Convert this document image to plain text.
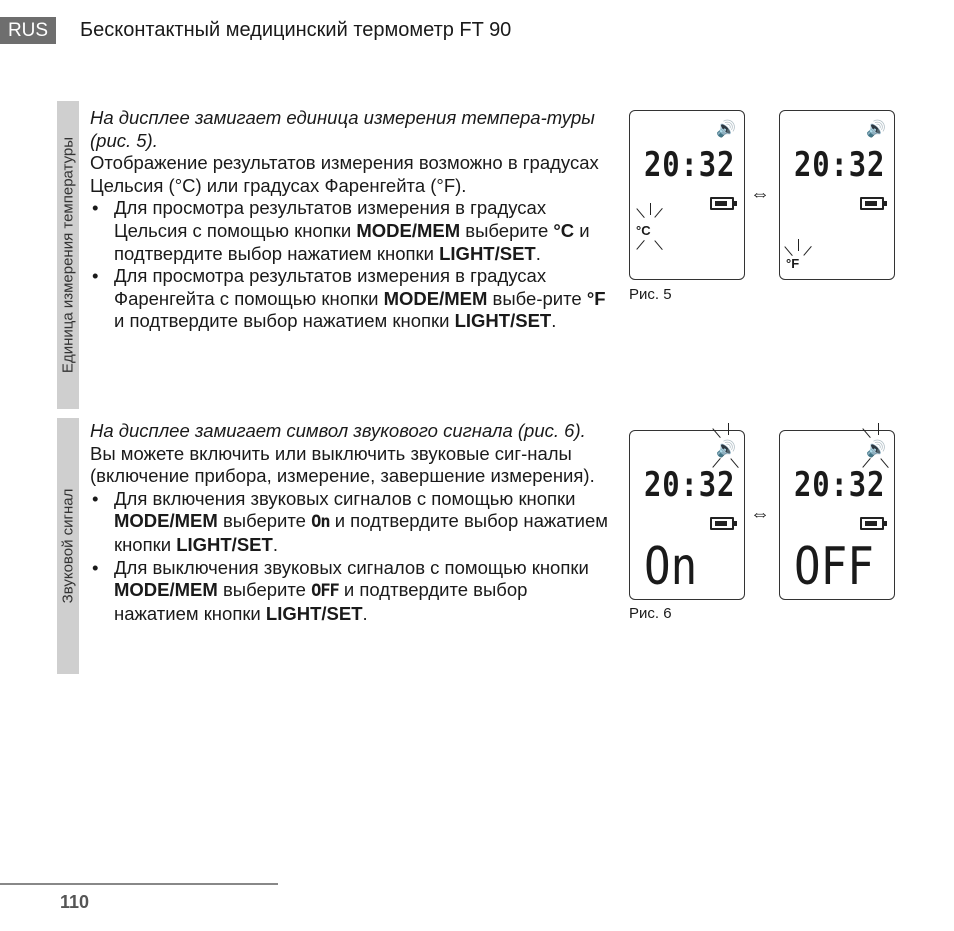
RUS	Бесконтактный медицинский термометр FT 90
Единица измерения температуры
Звуковой сигнал

На дисплее замигает единица измерения темпера-туры (рис. 5).

Отображение результатов измерения возможно в градусах Цельсия (°C) или градусах Фаренгейта (°F).

• Для просмотра результатов измерения в градусах Цельсия с помощью кнопки MODE/MEM выберите °C и подтвердите выбор нажатием кнопки LIGHT/SET.

• Для просмотра результатов измерения в градусах Фаренгейта с помощью кнопки MODE/MEM выбе-рите °F и подтвердите выбор нажатием кнопки LIGHT/SET.

На дисплее замигает символ звукового сигнала (рис. 6).

Вы можете включить или выключить звуковые сиг-налы (включение прибора, измерение, завершение измерения).

• Для включения звуковых сигналов с помощью кнопки MODE/MEM выберите On и подтвердите выбор нажатием кнопки LIGHT/SET.

• Для выключения звуковых сигналов с помощью кнопки MODE/MEM выберите OFF и подтвердите выбор нажатием кнопки LIGHT/SET.

🔊
20:32
°C
⇔
🔊
20:32
°F
Рис. 5
🔊
20:32
On
⇔
🔊
20:32
OFF
Рис. 6
110
